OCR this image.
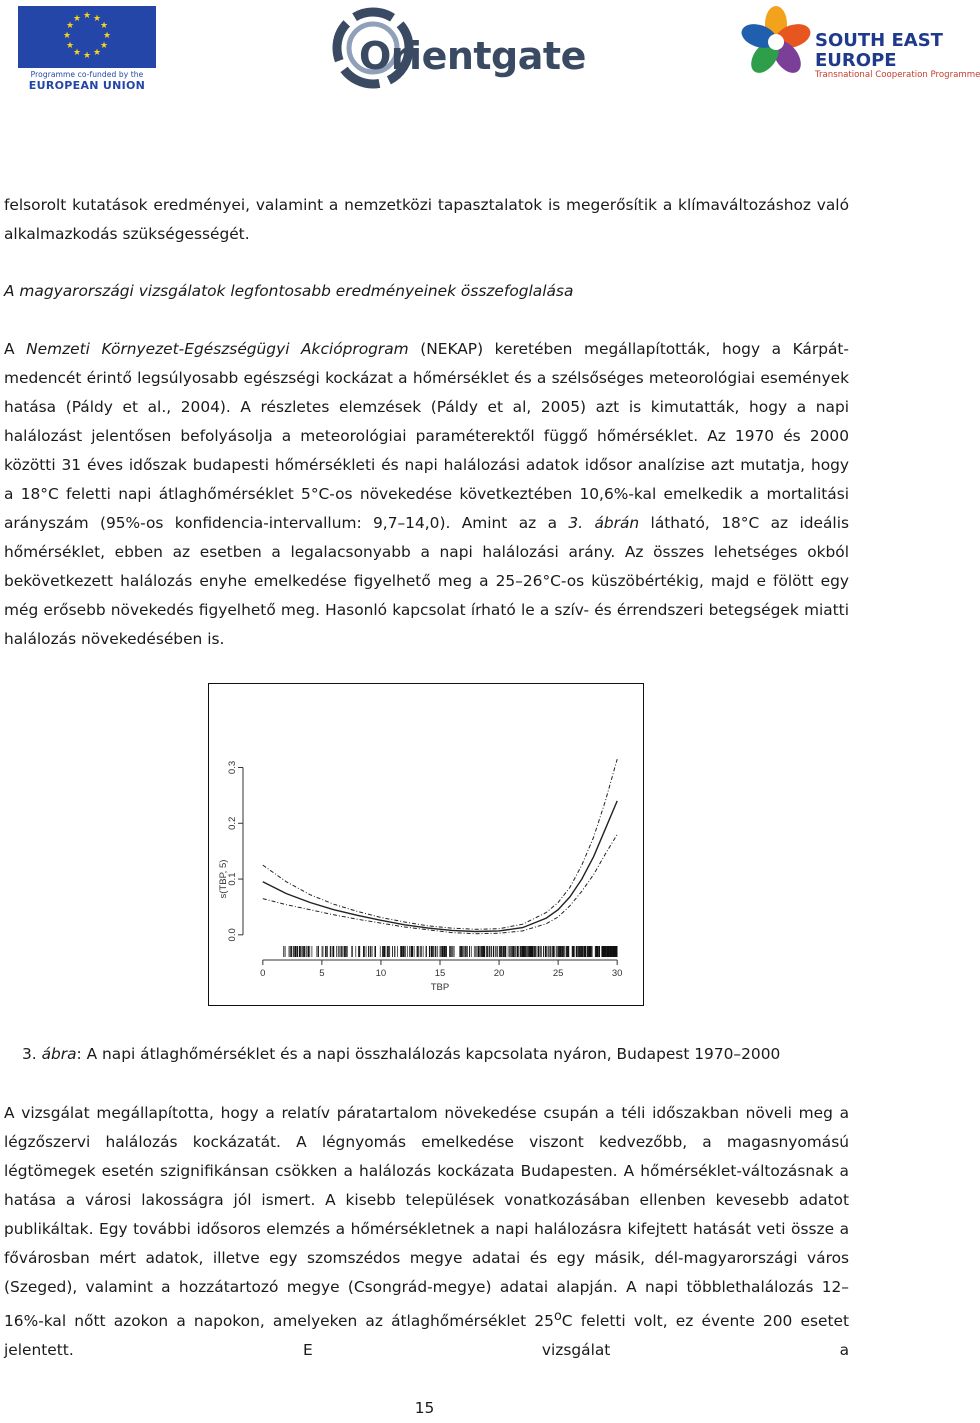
★ ★
★
★
★
★
★
★
★
★
★
★
Programme co-funded by the
EUROPEAN UNION
Orientgate	SOUTH EAST
EUROPE
Transnational Cooperation Programme
felsorolt kutatások eredményei, valamint a nemzetközi tapasztalatok is megerősítik a klímaváltozáshoz való alkalmazkodás szükségességét.
A magyarországi vizsgálatok legfontosabb eredményeinek összefoglalása
A Nemzeti Környezet-Egészségügyi Akcióprogram (NEKAP) keretében megállapították, hogy a Kárpát-medencét érintő legsúlyosabb egészségi kockázat a hőmérséklet és a szélsőséges meteorológiai események hatása (Páldy et al., 2004). A részletes elemzések (Páldy et al, 2005) azt is kimutatták, hogy a napi halálozást jelentősen befolyásolja a meteorológiai paraméterektől függő hőmérséklet. Az 1970 és 2000 közötti 31 éves időszak budapesti hőmérsékleti és napi halálozási adatok idősor analízise azt mutatja, hogy a 18°C feletti napi átlaghőmérséklet 5°C-os növekedése következtében 10,6%-kal emelkedik a mortalitási arányszám (95%-os konfidencia-intervallum: 9,7–14,0). Amint az a 3. ábrán látható, 18°C az ideális hőmérséklet, ebben az esetben a legalacsonyabb a napi halálozási arány. Az összes lehetséges okból bekövetkezett halálozás enyhe emelkedése figyelhető meg a 25–26°C-os küszöbértékig, majd e fölött egy még erősebb növekedés figyelhető meg. Hasonló kapcsolat írható le a szív- és érrendszeri betegségek miatti halálozás növekedésében is.
0.0
0.1
0.2
0.3
s(TBP, 5)
0	5	10	15	20	25	30
TBP
3. ábra: A napi átlaghőmérséklet és a napi összhalálozás kapcsolata nyáron, Budapest 1970–2000
A vizsgálat megállapította, hogy a relatív páratartalom növekedése csupán a téli időszakban növeli meg a légzőszervi halálozás kockázatát. A légnyomás emelkedése viszont kedvezőbb, a magasnyomású légtömegek esetén szignifikánsan csökken a halálozás kockázata Budapesten. A hőmérséklet-változásnak a hatása a városi lakosságra jól ismert. A kisebb települések vonatkozásában ellenben kevesebb adatot publikáltak. Egy további idősoros elemzés a hőmérsékletnek a napi halálozásra kifejtett hatását veti össze a fővárosban mért adatok, illetve egy szomszédos megye adatai és egy másik, dél-magyarországi város (Szeged), valamint a hozzátartozó megye (Csongrád-megye) adatai alapján. A napi többlethalálozás 12–16%-kal nőtt azokon a napokon, amelyeken az átlaghőmérséklet 25$^o$C feletti volt, ez évente 200 esetet jelentett. E vizsgálat a
15
